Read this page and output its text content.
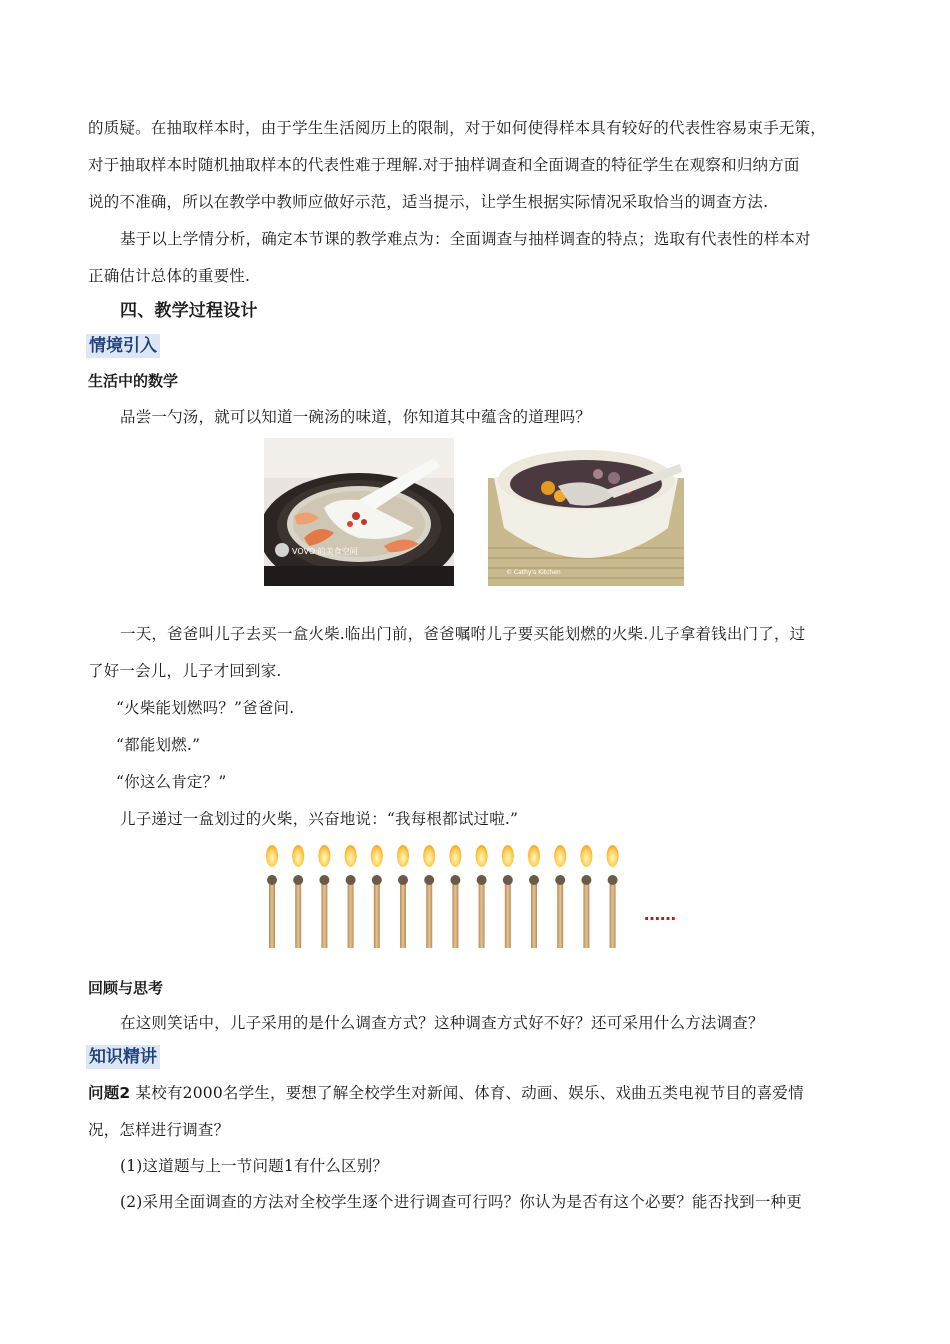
的质疑。在抽取样本时，由于学生生活阅历上的限制，对于如何使得样本具有较好的代表性容易束手无策，
对于抽取样本时随机抽取样本的代表性难于理解.对于抽样调查和全面调查的特征学生在观察和归纳方面
说的不准确，所以在教学中教师应做好示范，适当提示，让学生根据实际情况采取恰当的调查方法.
基于以上学情分析，确定本节课的教学难点为：全面调查与抽样调查的特点；选取有代表性的样本对
正确估计总体的重要性.
四、教学过程设计
情境引入
生活中的数学
品尝一勺汤，就可以知道一碗汤的味道，你知道其中蕴含的道理吗？
VOVO 的美食空间
© Cathy's Kitchen
一天，爸爸叫儿子去买一盒火柴.临出门前，爸爸嘱咐儿子要买能划燃的火柴.儿子拿着钱出门了，过
了好一会儿，儿子才回到家.
“火柴能划燃吗？”爸爸问.
“都能划燃.”
“你这么肯定？”
儿子递过一盒划过的火柴，兴奋地说：“我每根都试过啦.”
……
回顾与思考
在这则笑话中，儿子采用的是什么调查方式？这种调查方式好不好？还可采用什么方法调查？
知识精讲
问题2 某校有2000名学生，要想了解全校学生对新闻、体育、动画、娱乐、戏曲五类电视节目的喜爱情
况，怎样进行调查？
(1)这道题与上一节问题1有什么区别？
(2)采用全面调查的方法对全校学生逐个进行调查可行吗？你认为是否有这个必要？能否找到一种更
